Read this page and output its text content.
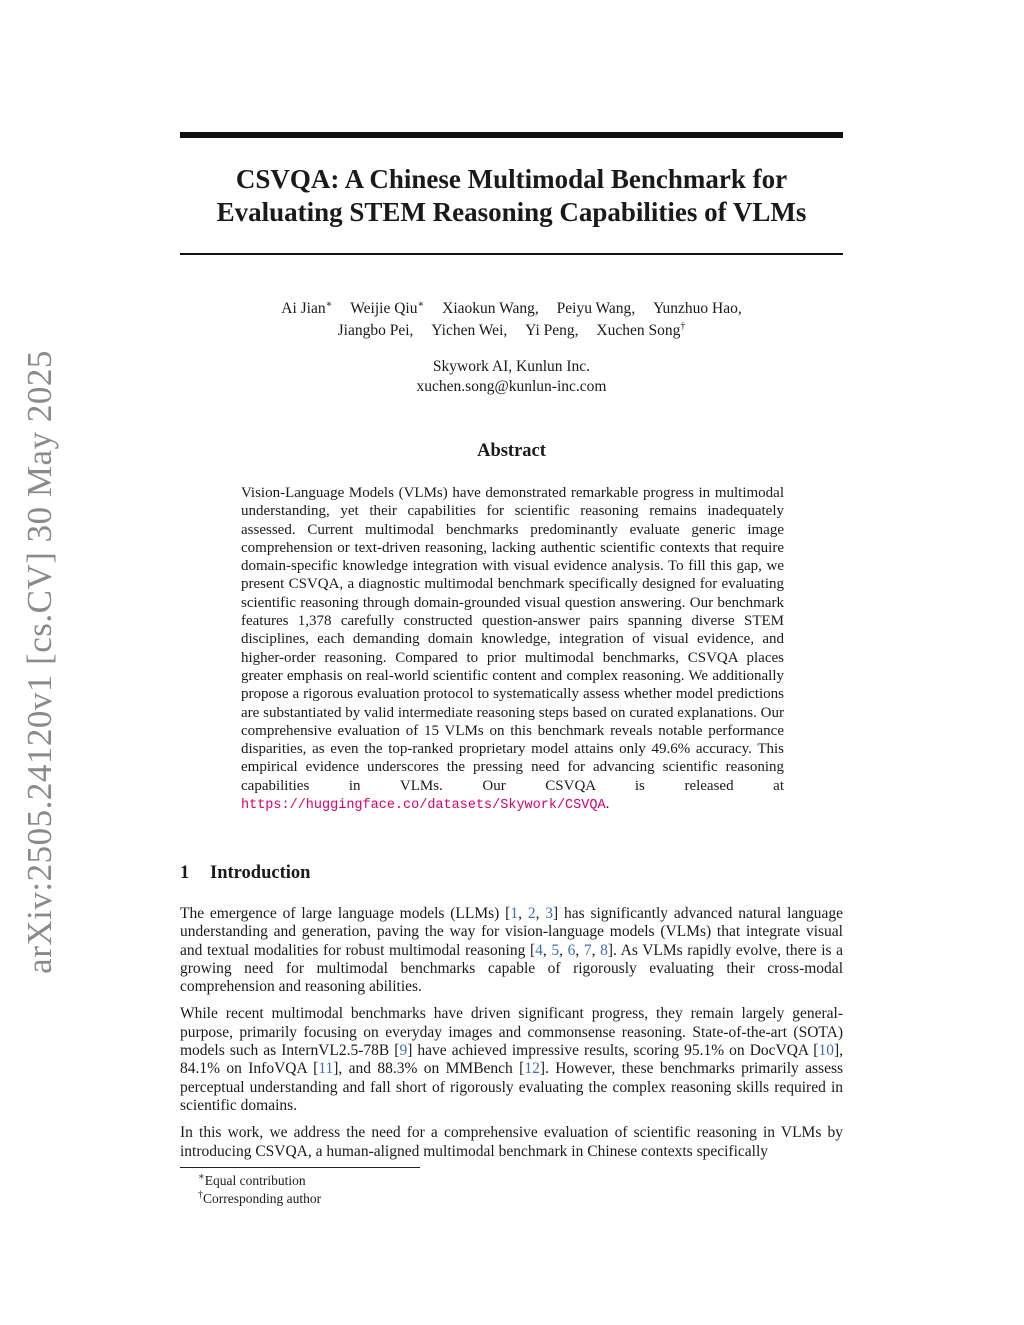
arXiv:2505.24120v1 [cs.CV] 30 May 2025
CSVQA: A Chinese Multimodal Benchmark for
Evaluating STEM Reasoning Capabilities of VLMs
Ai Jian∗ Weijie Qiu∗ Xiaokun Wang, Peiyu Wang, Yunzhuo Hao,
Jiangbo Pei, Yichen Wei, Yi Peng, Xuchen Song†
Skywork AI, Kunlun Inc.
xuchen.song@kunlun-inc.com
Abstract
Vision-Language Models (VLMs) have demonstrated remarkable progress in multimodal understanding, yet their capabilities for scientific reasoning remains inadequately assessed. Current multimodal benchmarks predominantly evaluate generic image comprehension or text-driven reasoning, lacking authentic scientific contexts that require domain-specific knowledge integration with visual evidence analysis. To fill this gap, we present CSVQA, a diagnostic multimodal benchmark specifically designed for evaluating scientific reasoning through domain-grounded visual question answering. Our benchmark features 1,378 carefully constructed question-answer pairs spanning diverse STEM disciplines, each demanding domain knowledge, integration of visual evidence, and higher-order reasoning. Compared to prior multimodal benchmarks, CSVQA places greater emphasis on real-world scientific content and complex reasoning. We additionally propose a rigorous evaluation protocol to systematically assess whether model predictions are substantiated by valid intermediate reasoning steps based on curated explanations. Our comprehensive evaluation of 15 VLMs on this benchmark reveals notable performance disparities, as even the top-ranked proprietary model attains only 49.6% accuracy. This empirical evidence underscores the pressing need for advancing scientific reasoning capabilities in VLMs. Our CSVQA is released at https://huggingface.co/datasets/Skywork/CSVQA.
1 Introduction

The emergence of large language models (LLMs) [1, 2, 3] has significantly advanced natural language understanding and generation, paving the way for vision-language models (VLMs) that integrate visual and textual modalities for robust multimodal reasoning [4, 5, 6, 7, 8]. As VLMs rapidly evolve, there is a growing need for multimodal benchmarks capable of rigorously evaluating their cross-modal comprehension and reasoning abilities.

While recent multimodal benchmarks have driven significant progress, they remain largely general-purpose, primarily focusing on everyday images and commonsense reasoning. State-of-the-art (SOTA) models such as InternVL2.5-78B [9] have achieved impressive results, scoring 95.1% on DocVQA [10], 84.1% on InfoVQA [11], and 88.3% on MMBench [12]. However, these benchmarks primarily assess perceptual understanding and fall short of rigorously evaluating the complex reasoning skills required in scientific domains.

In this work, we address the need for a comprehensive evaluation of scientific reasoning in VLMs by introducing CSVQA, a human-aligned multimodal benchmark in Chinese contexts specifically

∗Equal contribution
†Corresponding author
